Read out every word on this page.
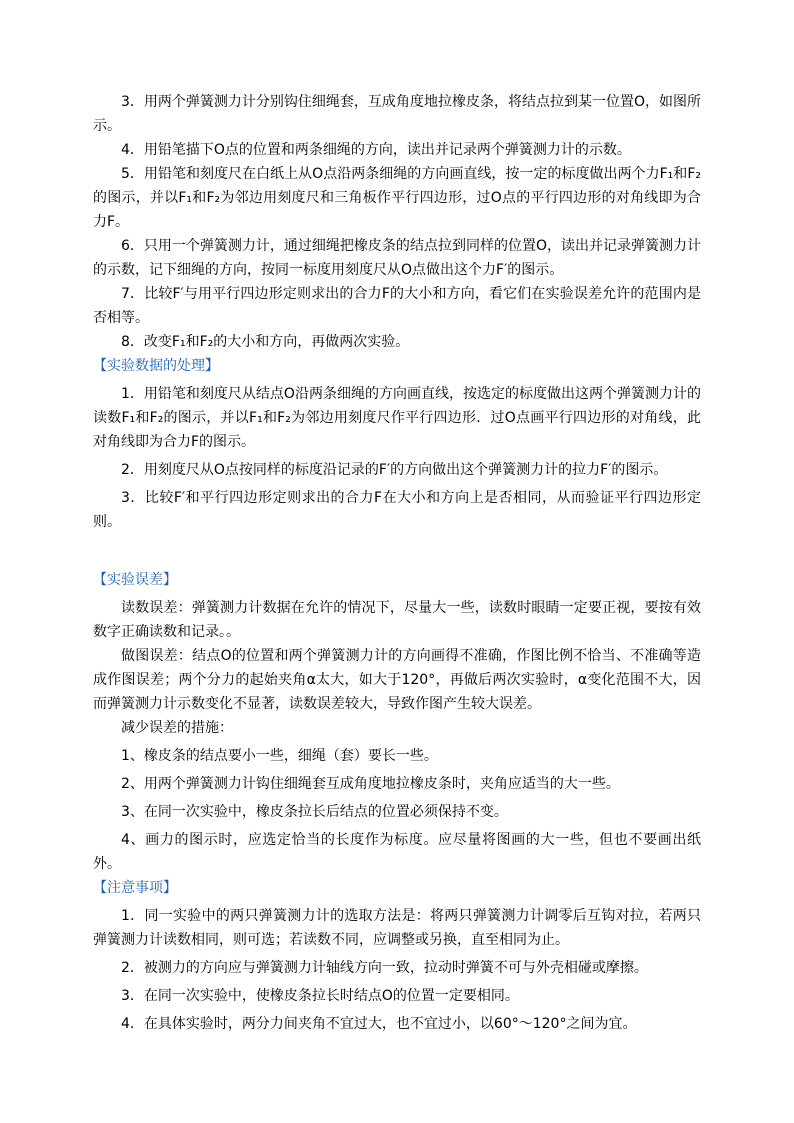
3．用两个弹簧测力计分别钩住细绳套，互成角度地拉橡皮条，将结点拉到某一位置O，如图所示。

4．用铅笔描下O点的位置和两条细绳的方向，读出并记录两个弹簧测力计的示数。

5．用铅笔和刻度尺在白纸上从O点沿两条细绳的方向画直线，按一定的标度做出两个力F₁和F₂的图示，并以F₁和F₂为邻边用刻度尺和三角板作平行四边形，过O点的平行四边形的对角线即为合力F。

6．只用一个弹簧测力计，通过细绳把橡皮条的结点拉到同样的位置O，读出并记录弹簧测力计的示数，记下细绳的方向，按同一标度用刻度尺从O点做出这个力F′的图示。

7．比较F′与用平行四边形定则求出的合力F的大小和方向，看它们在实验误差允许的范围内是否相等。

8．改变F₁和F₂的大小和方向，再做两次实验。

【实验数据的处理】

1．用铅笔和刻度尺从结点O沿两条细绳的方向画直线，按选定的标度做出这两个弹簧测力计的读数F₁和F₂的图示，并以F₁和F₂为邻边用刻度尺作平行四边形．过O点画平行四边形的对角线，此对角线即为合力F的图示。

2．用刻度尺从O点按同样的标度沿记录的F′的方向做出这个弹簧测力计的拉力F′的图示。

3．比较F′和平行四边形定则求出的合力F在大小和方向上是否相同，从而验证平行四边形定则。

【实验误差】

读数误差：弹簧测力计数据在允许的情况下，尽量大一些，读数时眼睛一定要正视，要按有效数字正确读数和记录。。

做图误差：结点O的位置和两个弹簧测力计的方向画得不准确，作图比例不恰当、不准确等造成作图误差；两个分力的起始夹角α太大，如大于120°，再做后两次实验时，α变化范围不大，因而弹簧测力计示数变化不显著，读数误差较大，导致作图产生较大误差。

减少误差的措施：

1、橡皮条的结点要小一些，细绳（套）要长一些。

2、用两个弹簧测力计钩住细绳套互成角度地拉橡皮条时，夹角应适当的大一些。

3、在同一次实验中，橡皮条拉长后结点的位置必须保持不变。

4、画力的图示时，应选定恰当的长度作为标度。应尽量将图画的大一些，但也不要画出纸外。

【注意事项】

1．同一实验中的两只弹簧测力计的选取方法是：将两只弹簧测力计调零后互钩对拉，若两只弹簧测力计读数相同，则可选；若读数不同，应调整或另换，直至相同为止。

2．被测力的方向应与弹簧测力计轴线方向一致，拉动时弹簧不可与外壳相碰或摩擦。

3．在同一次实验中，使橡皮条拉长时结点O的位置一定要相同。

4．在具体实验时，两分力间夹角不宜过大，也不宜过小，以60°～120°之间为宜。
